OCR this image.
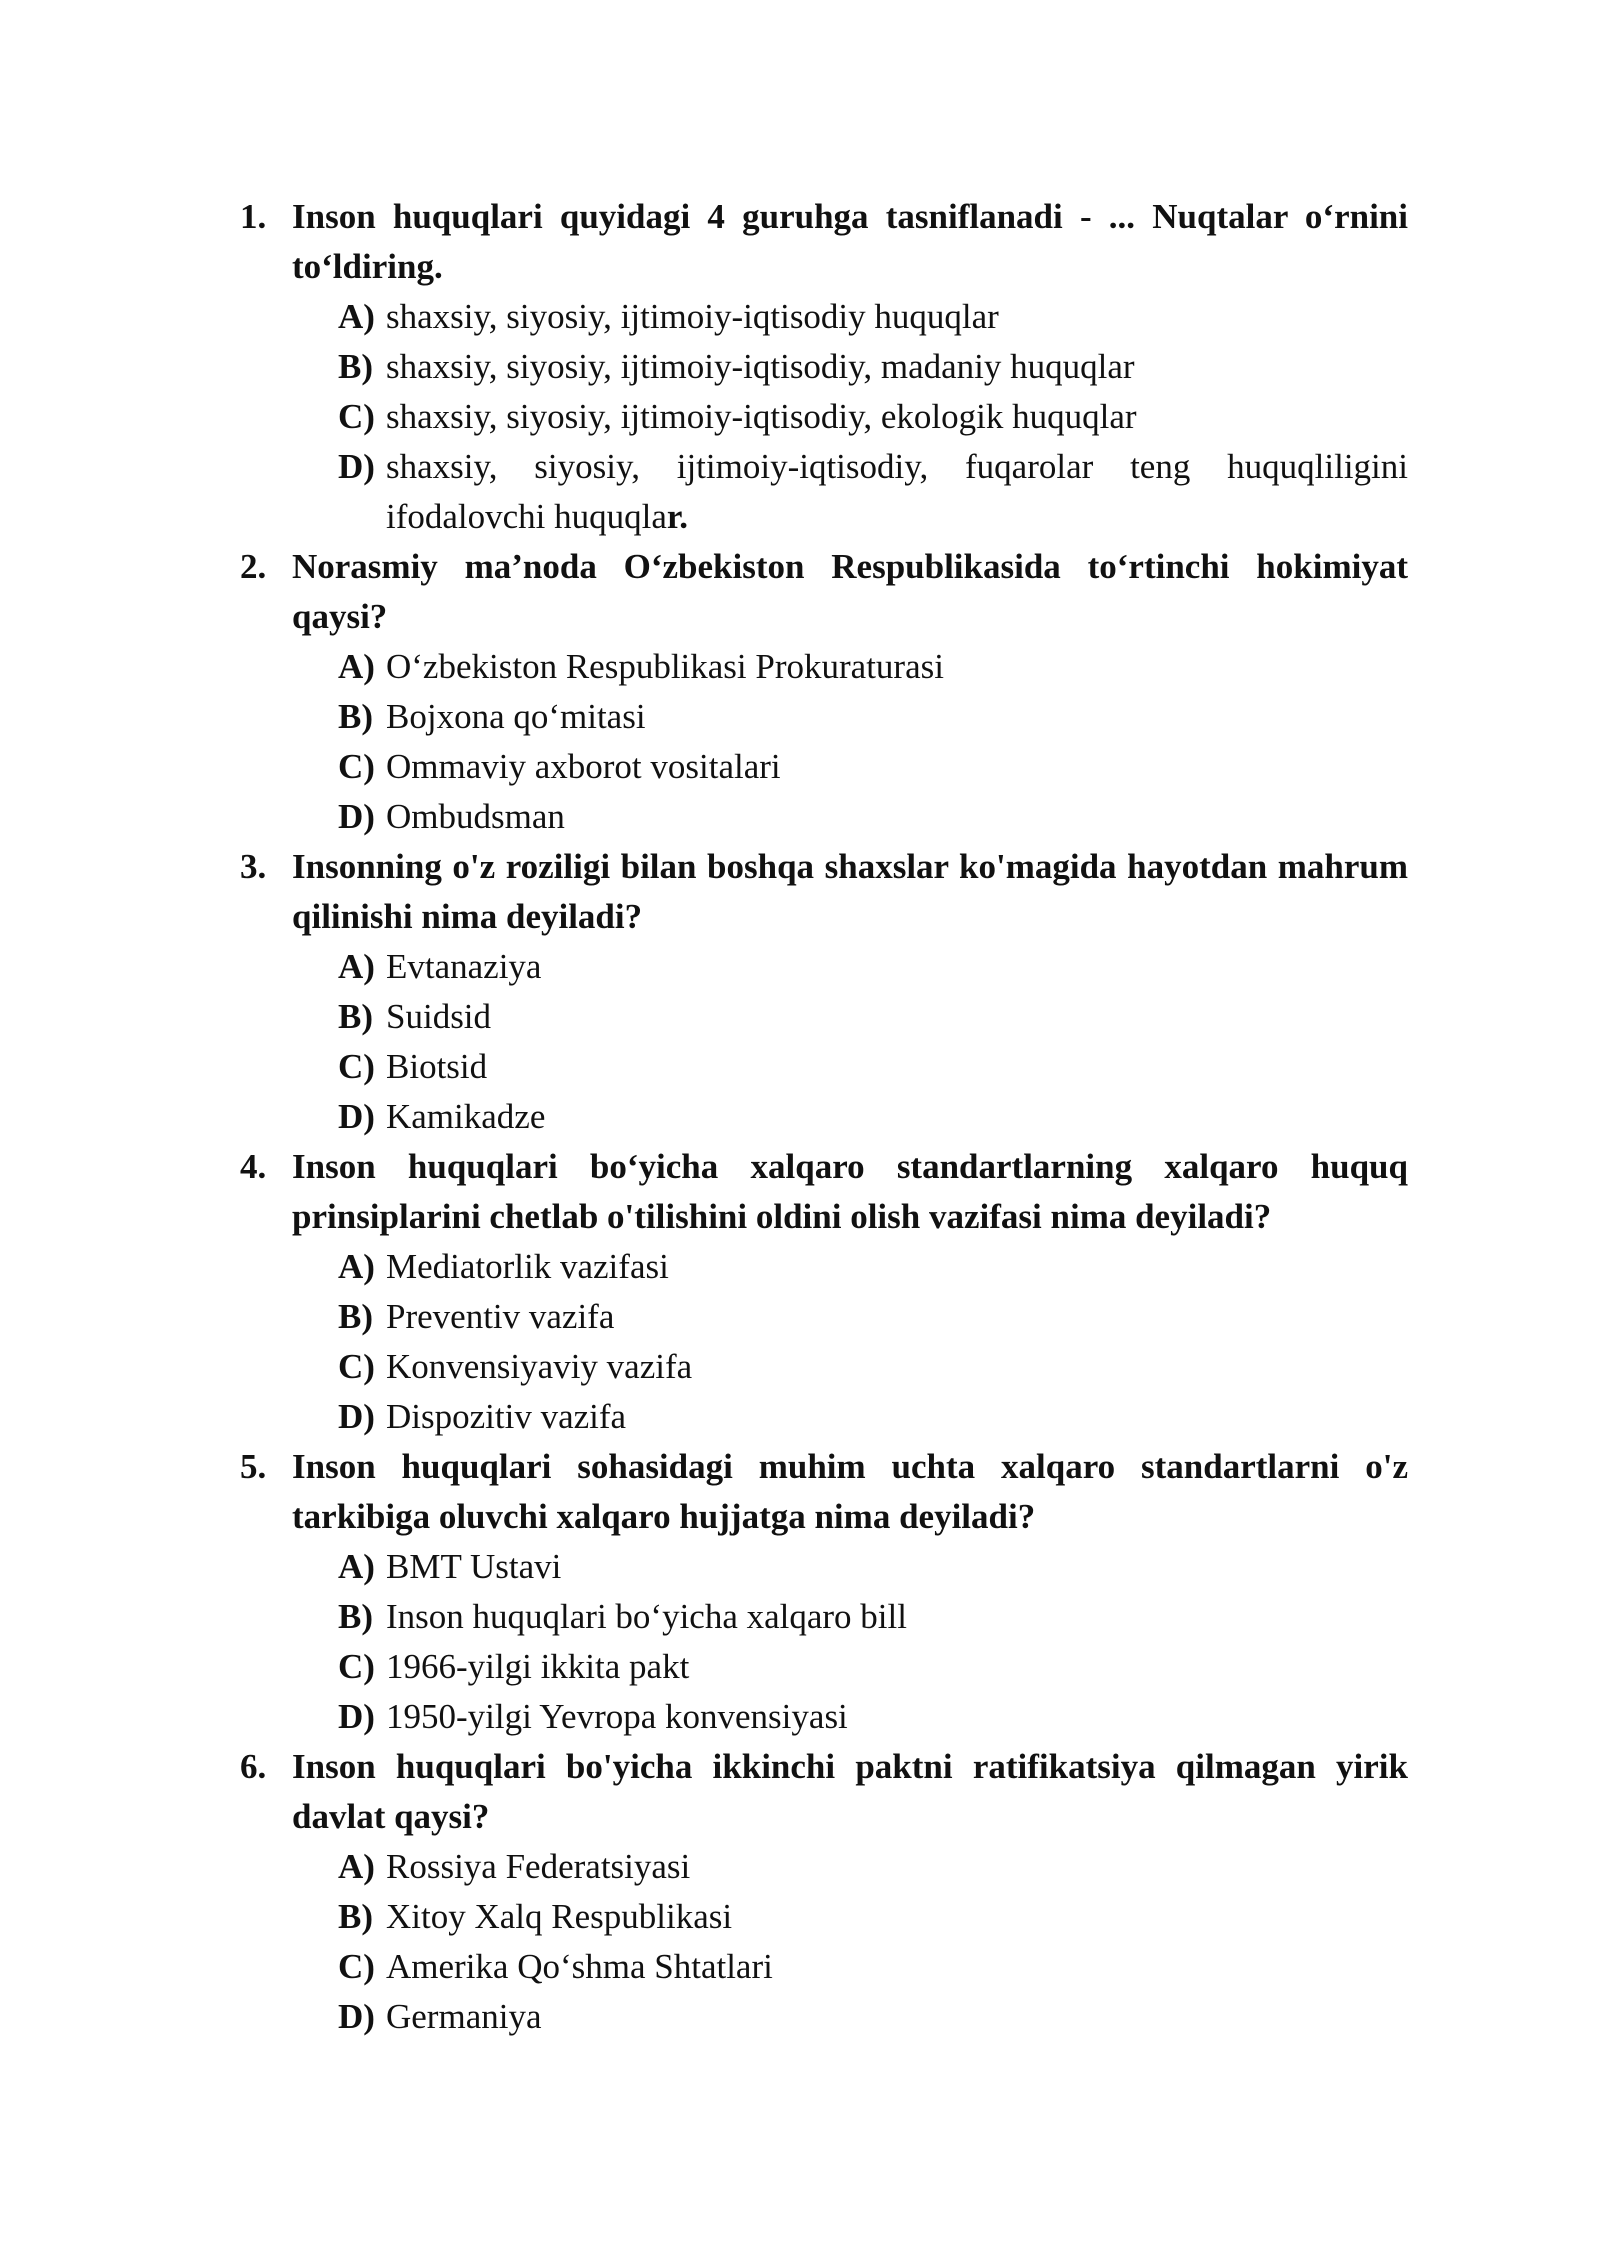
1. Inson huquqlari quyidagi 4 guruhga tasniflanadi - ... Nuqtalar o‘rnini to‘ldiring.
A) shaxsiy, siyosiy, ijtimoiy-iqtisodiy huquqlar
B) shaxsiy, siyosiy, ijtimoiy-iqtisodiy, madaniy huquqlar
C) shaxsiy, siyosiy, ijtimoiy-iqtisodiy, ekologik huquqlar
D) shaxsiy, siyosiy, ijtimoiy-iqtisodiy, fuqarolar teng huquqliligini ifodalovchi huquqlar.
2. Norasmiy ma’noda O‘zbekiston Respublikasida to‘rtinchi hokimiyat qaysi?
A) O‘zbekiston Respublikasi Prokuraturasi
B) Bojxona qo‘mitasi
C) Ommaviy axborot vositalari
D) Ombudsman
3. Insonning o'z roziligi bilan boshqa shaxslar ko'magida hayotdan mahrum qilinishi nima deyiladi?
A) Evtanaziya
B) Suidsid
C) Biotsid
D) Kamikadze
4. Inson huquqlari bo‘yicha xalqaro standartlarning xalqaro huquq prinsiplarini chetlab o'tilishini oldini olish vazifasi nima deyiladi?
A) Mediatorlik vazifasi
B) Preventiv vazifa
C) Konvensiyaviy vazifa
D) Dispozitiv vazifa
5. Inson huquqlari sohasidagi muhim uchta xalqaro standartlarni o'z tarkibiga oluvchi xalqaro hujjatga nima deyiladi?
A) BMT Ustavi
B) Inson huquqlari bo‘yicha xalqaro bill
C) 1966-yilgi ikkita pakt
D) 1950-yilgi Yevropa konvensiyasi
6. Inson huquqlari bo'yicha ikkinchi paktni ratifikatsiya qilmagan yirik davlat qaysi?
A) Rossiya Federatsiyasi
B) Xitoy Xalq Respublikasi
C) Amerika Qo‘shma Shtatlari
D) Germaniya
